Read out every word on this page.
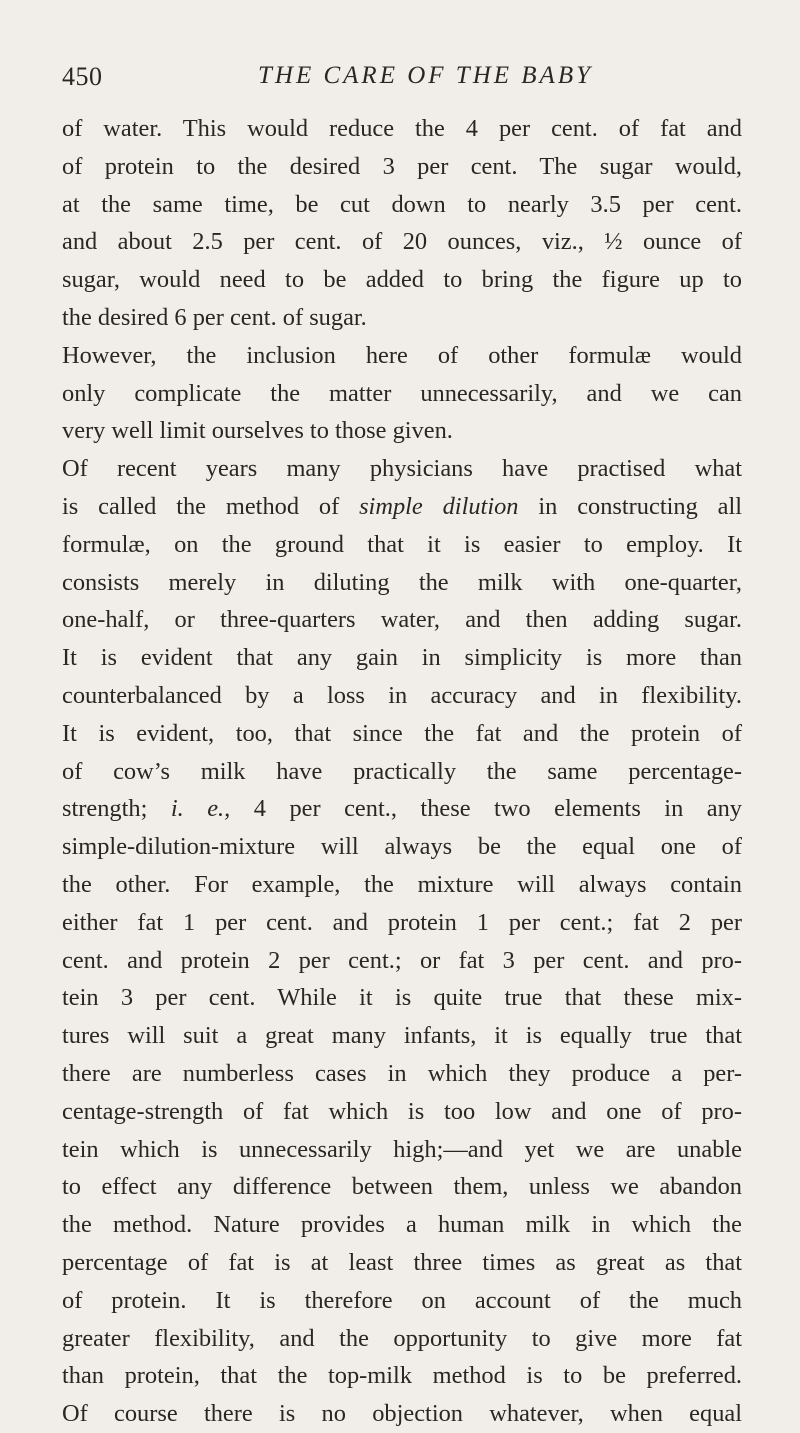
450	THE CARE OF THE BABY
of water. This would reduce the 4 per cent. of fat and
of protein to the desired 3 per cent. The sugar would,
at the same time, be cut down to nearly 3.5 per cent.
and about 2.5 per cent. of 20 ounces, viz., ½ ounce of
sugar, would need to be added to bring the figure up to
the desired 6 per cent. of sugar.
However, the inclusion here of other formulæ would
only complicate the matter unnecessarily, and we can
very well limit ourselves to those given.
Of recent years many physicians have practised what
is called the method of simple dilution in constructing all
formulæ, on the ground that it is easier to employ. It
consists merely in diluting the milk with one-quarter,
one-half, or three-quarters water, and then adding sugar.
It is evident that any gain in simplicity is more than
counterbalanced by a loss in accuracy and in flexibility.
It is evident, too, that since the fat and the protein of
of cow’s milk have practically the same percentage-
strength; i. e., 4 per cent., these two elements in any
simple-dilution-mixture will always be the equal one of
the other. For example, the mixture will always contain
either fat 1 per cent. and protein 1 per cent.; fat 2 per
cent. and protein 2 per cent.; or fat 3 per cent. and pro-
tein 3 per cent. While it is quite true that these mix-
tures will suit a great many infants, it is equally true that
there are numberless cases in which they produce a per-
centage-strength of fat which is too low and one of pro-
tein which is unnecessarily high;—and yet we are unable
to effect any difference between them, unless we abandon
the method. Nature provides a human milk in which the
percentage of fat is at least three times as great as that
of protein. It is therefore on account of the much
greater flexibility, and the opportunity to give more fat
than protein, that the top-milk method is to be preferred.
Of course there is no objection whatever, when equal
